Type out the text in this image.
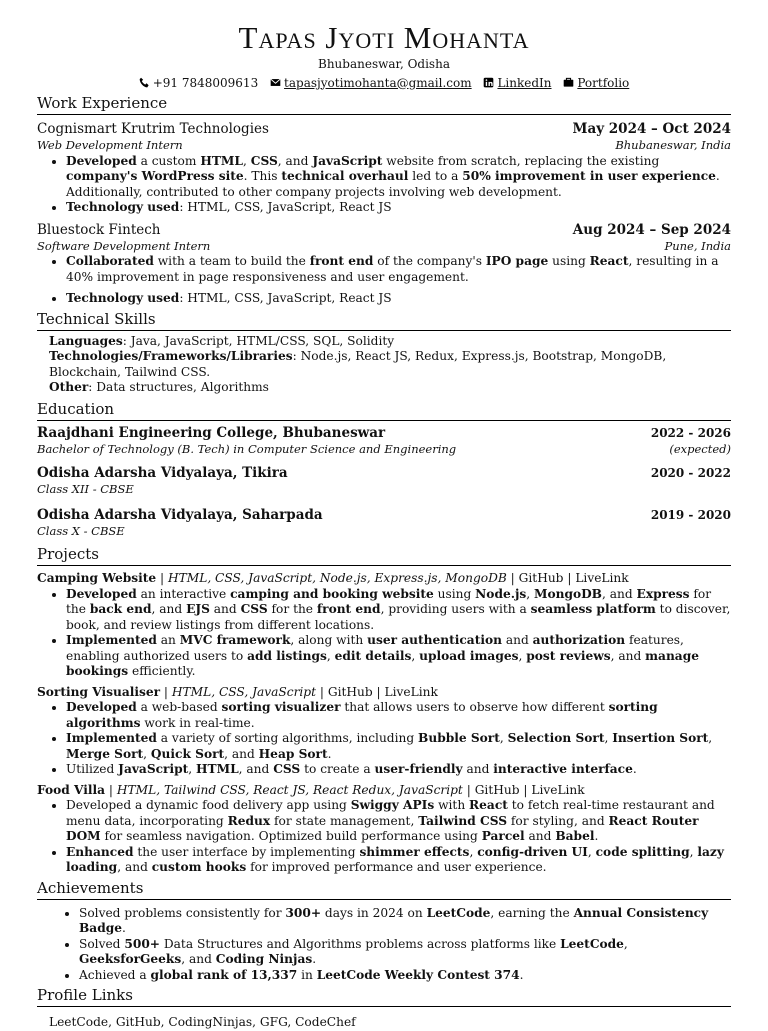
Tapas Jyoti Mohanta
Bhubaneswar, Odisha
+91 7848009613 tapasjyotimohanta@gmail.com LinkedIn Portfolio
Work Experience
Cognismart Krutrim Technologies	May 2024 – Oct 2024
Web Development Intern	Bhubaneswar, India
• Developed a custom HTML, CSS, and JavaScript website from scratch, replacing the existing company's WordPress site. This technical overhaul led to a 50% improvement in user experience. Additionally, contributed to other company projects involving web development.
• Technology used: HTML, CSS, JavaScript, React JS
Bluestock Fintech	Aug 2024 – Sep 2024
Software Development Intern	Pune, India
• Collaborated with a team to build the front end of the company's IPO page using React, resulting in a 40% improvement in page responsiveness and user engagement.
• Technology used: HTML, CSS, JavaScript, React JS
Technical Skills
Languages: Java, JavaScript, HTML/CSS, SQL, Solidity
Technologies/Frameworks/Libraries: Node.js, React JS, Redux, Express.js, Bootstrap, MongoDB, Blockchain, Tailwind CSS.
Other: Data structures, Algorithms
Education
Raajdhani Engineering College, Bhubaneswar	2022 - 2026
Bachelor of Technology (B. Tech) in Computer Science and Engineering	(expected)
Odisha Adarsha Vidyalaya, Tikira	2020 - 2022
Class XII - CBSE
Odisha Adarsha Vidyalaya, Saharpada	2019 - 2020
Class X - CBSE
Projects
Camping Website | HTML, CSS, JavaScript, Node.js, Express.js, MongoDB | GitHub | LiveLink
• Developed an interactive camping and booking website using Node.js, MongoDB, and Express for the back end, and EJS and CSS for the front end, providing users with a seamless platform to discover, book, and review listings from different locations.
• Implemented an MVC framework, along with user authentication and authorization features, enabling authorized users to add listings, edit details, upload images, post reviews, and manage bookings efficiently.
Sorting Visualiser | HTML, CSS, JavaScript | GitHub | LiveLink
• Developed a web-based sorting visualizer that allows users to observe how different sorting algorithms work in real-time.
• Implemented a variety of sorting algorithms, including Bubble Sort, Selection Sort, Insertion Sort, Merge Sort, Quick Sort, and Heap Sort.
• Utilized JavaScript, HTML, and CSS to create a user-friendly and interactive interface.
Food Villa | HTML, Tailwind CSS, React JS, React Redux, JavaScript | GitHub | LiveLink
• Developed a dynamic food delivery app using Swiggy APIs with React to fetch real-time restaurant and menu data, incorporating Redux for state management, Tailwind CSS for styling, and React Router DOM for seamless navigation. Optimized build performance using Parcel and Babel.
• Enhanced the user interface by implementing shimmer effects, config-driven UI, code splitting, lazy loading, and custom hooks for improved performance and user experience.
Achievements
• Solved problems consistently for 300+ days in 2024 on LeetCode, earning the Annual Consistency Badge.
• Solved 500+ Data Structures and Algorithms problems across platforms like LeetCode, GeeksforGeeks, and Coding Ninjas.
• Achieved a global rank of 13,337 in LeetCode Weekly Contest 374.
Profile Links
LeetCode, GitHub, CodingNinjas, GFG, CodeChef
